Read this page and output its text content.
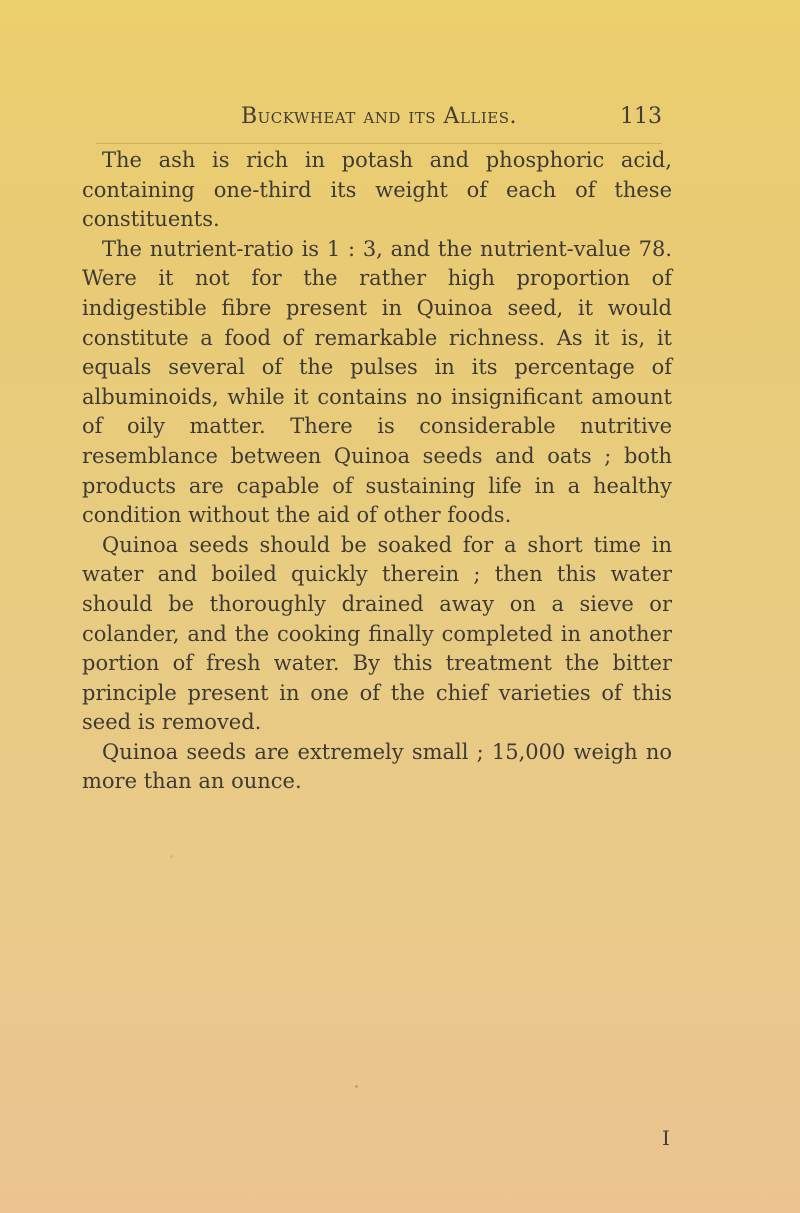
Buckwheat and its Allies.	113

The ash is rich in potash and phosphoric acid, containing one-third its weight of each of these constituents.

The nutrient-ratio is 1 : 3, and the nutrient-value 78. Were it not for the rather high proportion of indigestible fibre present in Quinoa seed, it would constitute a food of remarkable richness. As it is, it equals several of the pulses in its percentage of albuminoids, while it contains no insignificant amount of oily matter. There is considerable nutritive resemblance between Quinoa seeds and oats ; both products are capable of sustaining life in a healthy condition without the aid of other foods.

Quinoa seeds should be soaked for a short time in water and boiled quickly therein ; then this water should be thoroughly drained away on a sieve or colander, and the cooking finally completed in another portion of fresh water. By this treatment the bitter principle present in one of the chief varieties of this seed is removed.

Quinoa seeds are extremely small ; 15,000 weigh no more than an ounce.

I
